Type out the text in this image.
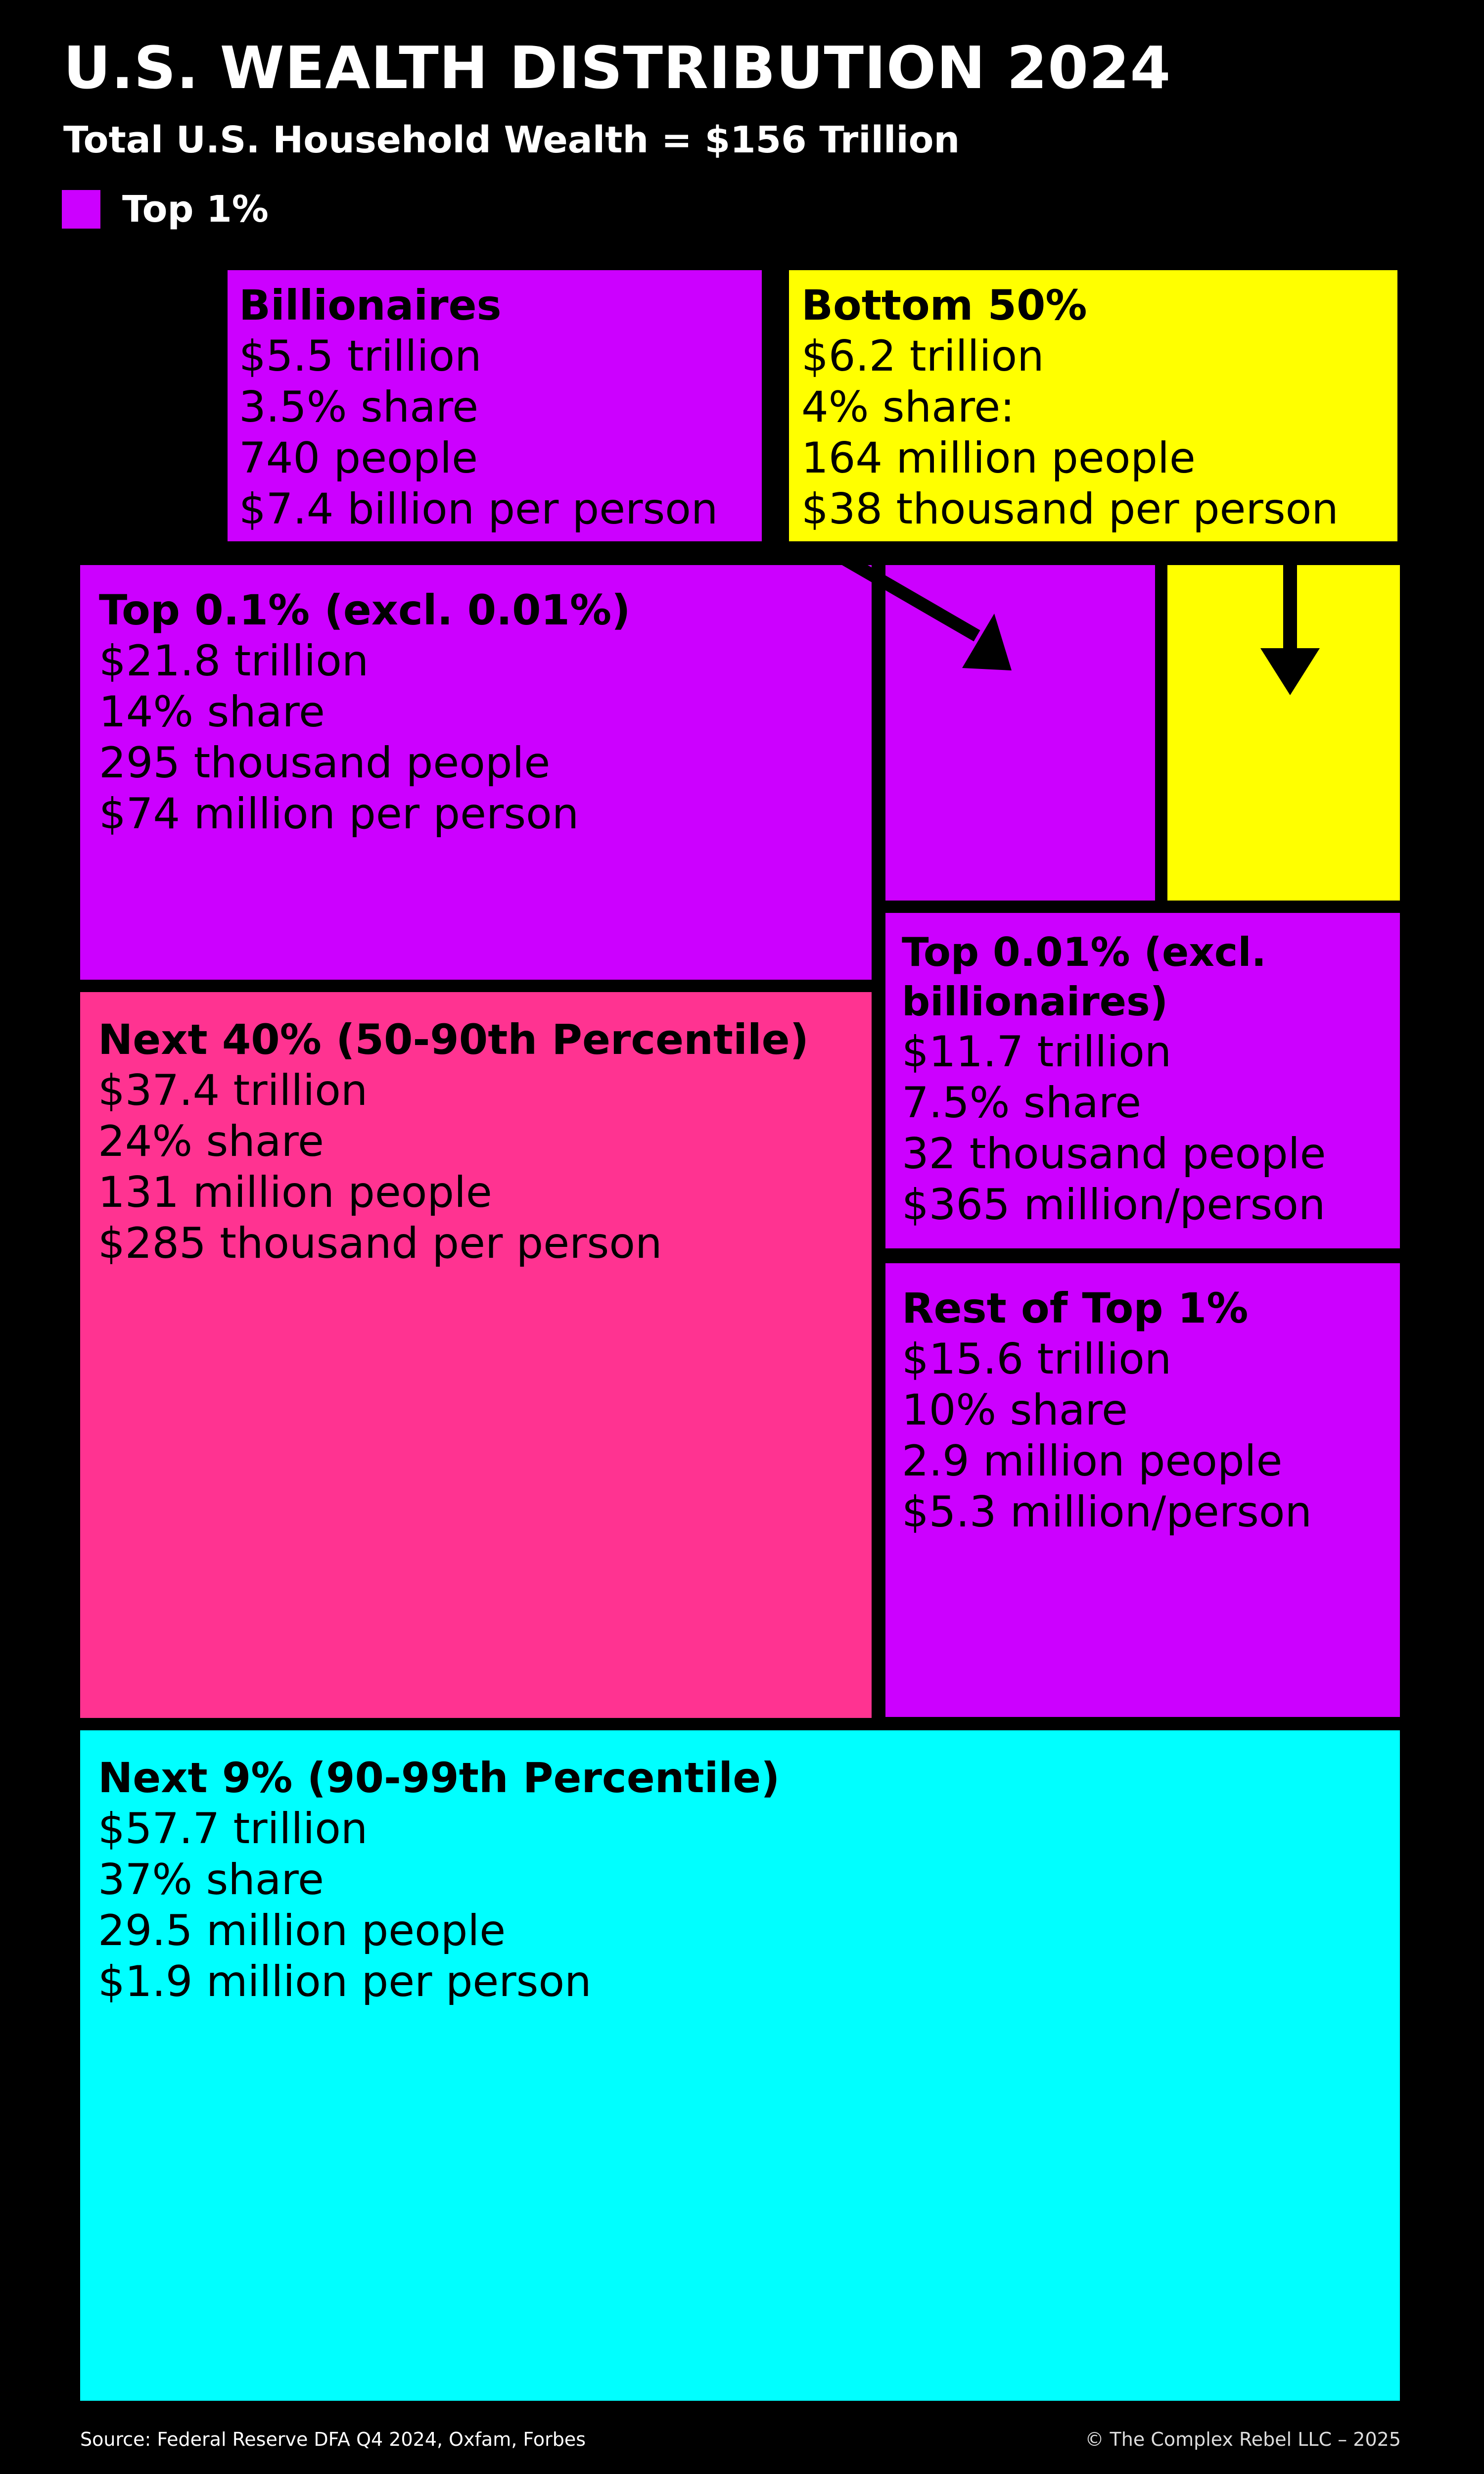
U.S. WEALTH DISTRIBUTION 2024
Total U.S. Household Wealth = $156 Trillion
Top 1%
Billionaires
$5.5 trillion
3.5% share
740 people
$7.4 billion per person
Bottom 50%
$6.2 trillion
4% share:
164 million people
$38 thousand per person
Top 0.1% (excl. 0.01%)
$21.8 trillion
14% share
295 thousand people
$74 million per person
Next 40% (50-90th Percentile)
$37.4 trillion
24% share
131 million people
$285 thousand per person
Top 0.01% (excl.
billionaires)
$11.7 trillion
7.5% share
32 thousand people
$365 million/person
Rest of Top 1%
$15.6 trillion
10% share
2.9 million people
$5.3 million/person
Next 9% (90-99th Percentile)
$57.7 trillion
37% share
29.5 million people
$1.9 million per person
Source: Federal Reserve DFA Q4 2024, Oxfam, Forbes	© The Complex Rebel LLC – 2025
